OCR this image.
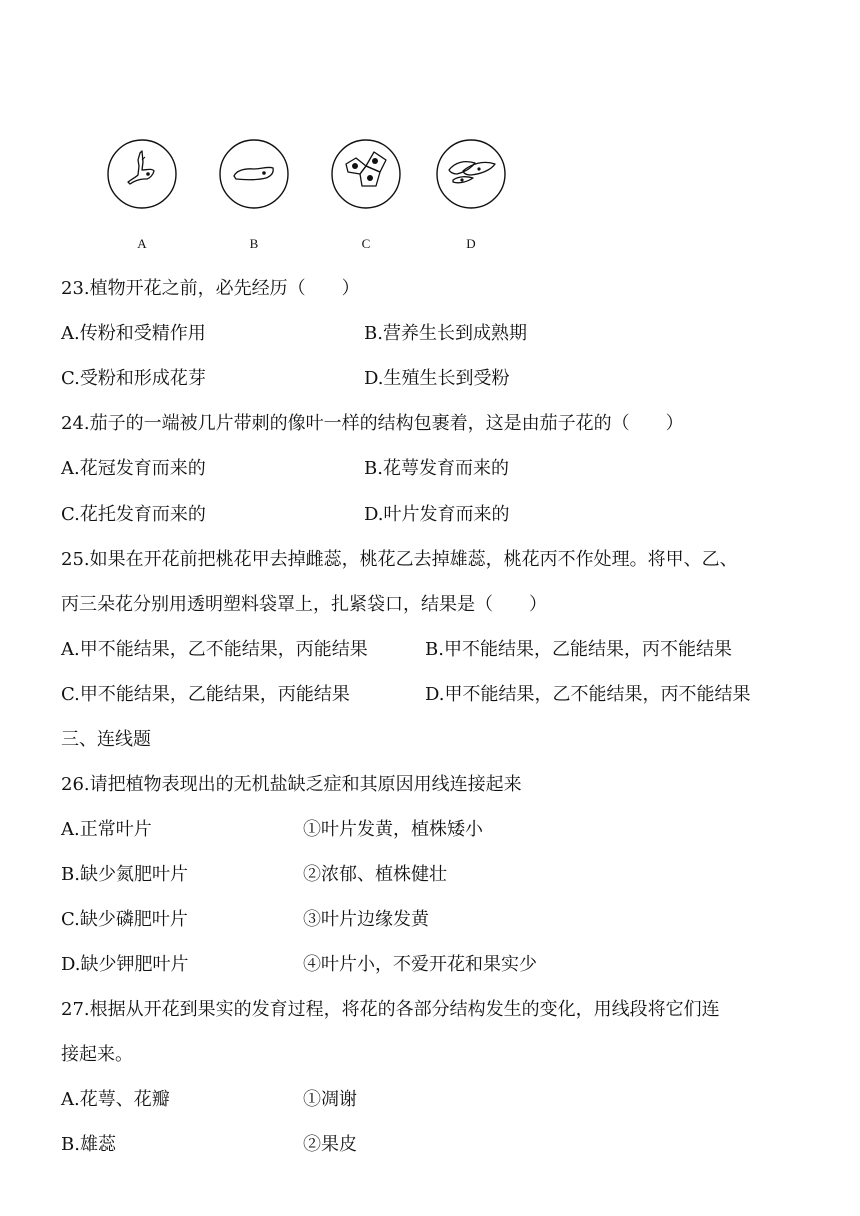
A	B	C	D
23.植物开花之前，必先经历（　　）
A.传粉和受精作用	B.营养生长到成熟期
C.受粉和形成花芽	D.生殖生长到受粉
24.茄子的一端被几片带刺的像叶一样的结构包裹着，这是由茄子花的（　　）
A.花冠发育而来的	B.花萼发育而来的
C.花托发育而来的	D.叶片发育而来的
25.如果在开花前把桃花甲去掉雌蕊，桃花乙去掉雄蕊，桃花丙不作处理。将甲、乙、
丙三朵花分别用透明塑料袋罩上，扎紧袋口，结果是（　　）
A.甲不能结果，乙不能结果，丙能结果	B.甲不能结果，乙能结果，丙不能结果
C.甲不能结果，乙能结果，丙能结果	D.甲不能结果，乙不能结果，丙不能结果
三、连线题
26.请把植物表现出的无机盐缺乏症和其原因用线连接起来
A.正常叶片	①叶片发黄，植株矮小
B.缺少氮肥叶片	②浓郁、植株健壮
C.缺少磷肥叶片	③叶片边缘发黄
D.缺少钾肥叶片	④叶片小，不爱开花和果实少
27.根据从开花到果实的发育过程，将花的各部分结构发生的变化，用线段将它们连
接起来。
A.花萼、花瓣	①凋谢
B.雄蕊	②果皮
